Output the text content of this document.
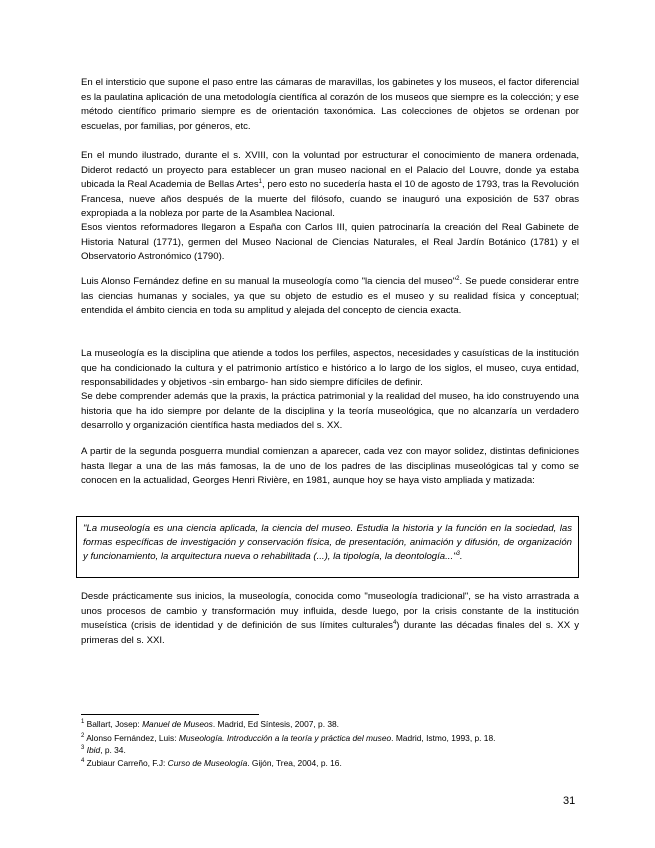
En el intersticio que supone el paso entre las cámaras de maravillas, los gabinetes y los museos, el factor diferencial es la paulatina aplicación de una metodología científica al corazón de los museos que siempre es la colección; y ese método científico primario siempre es de orientación taxonómica. Las colecciones de objetos se ordenan por escuelas, por familias, por géneros, etc.

En el mundo ilustrado, durante el s. XVIII, con la voluntad por estructurar el conocimiento de manera ordenada, Diderot redactó un proyecto para establecer un gran museo nacional en el Palacio del Louvre, donde ya estaba ubicada la Real Academia de Bellas Artes$^1$, pero esto no sucedería hasta el 10 de agosto de 1793, tras la Revolución Francesa, nueve años después de la muerte del filósofo, cuando se inauguró una exposición de 537 obras expropiada a la nobleza por parte de la Asamblea Nacional.

Esos vientos reformadores llegaron a España con Carlos III, quien patrocinaría la creación del Real Gabinete de Historia Natural (1771), germen del Museo Nacional de Ciencias Naturales, el Real Jardín Botánico (1781) y el Observatorio Astronómico (1790).

Luis Alonso Fernández define en su manual la museología como "la ciencia del museo"$^2$. Se puede considerar entre las ciencias humanas y sociales, ya que su objeto de estudio es el museo y su realidad física y conceptual; entendida el ámbito ciencia en toda su amplitud y alejada del concepto de ciencia exacta.

La museología es la disciplina que atiende a todos los perfiles, aspectos, necesidades y casuísticas de la institución que ha condicionado la cultura y el patrimonio artístico e histórico a lo largo de los siglos, el museo, cuya entidad, responsabilidades y objetivos -sin embargo- han sido siempre difíciles de definir.

Se debe comprender además que la praxis, la práctica patrimonial y la realidad del museo, ha ido construyendo una historia que ha ido siempre por delante de la disciplina y la teoría museológica, que no alcanzaría un verdadero desarrollo y organización científica hasta mediados del s. XX.

A partir de la segunda posguerra mundial comienzan a aparecer, cada vez con mayor solidez, distintas definiciones hasta llegar a una de las más famosas, la de uno de los padres de las disciplinas museológicas tal y como se conocen en la actualidad, Georges Henri Rivière, en 1981, aunque hoy se haya visto ampliada y matizada:

"La museología es una ciencia aplicada, la ciencia del museo. Estudia la historia y la función en la sociedad, las formas específicas de investigación y conservación física, de presentación, animación y difusión, de organización y funcionamiento, la arquitectura nueva o rehabilitada (...), la tipología, la deontología..."$^3$.

Desde prácticamente sus inicios, la museología, conocida como "museología tradicional", se ha visto arrastrada a unos procesos de cambio y transformación muy influida, desde luego, por la crisis constante de la institución museística (crisis de identidad y de definición de sus límites culturales$^4$) durante las décadas finales del s. XX y primeras del s. XXI.

$^1$ Ballart, Josep: Manuel de Museos. Madrid, Ed Síntesis, 2007, p. 38.
$^2$ Alonso Fernández, Luis: Museología. Introducción a la teoría y práctica del museo. Madrid, Istmo, 1993, p. 18.
$^3$ Ibid, p. 34.
$^4$ Zubiaur Carreño, F.J: Curso de Museología. Gijón, Trea, 2004, p. 16.
31
